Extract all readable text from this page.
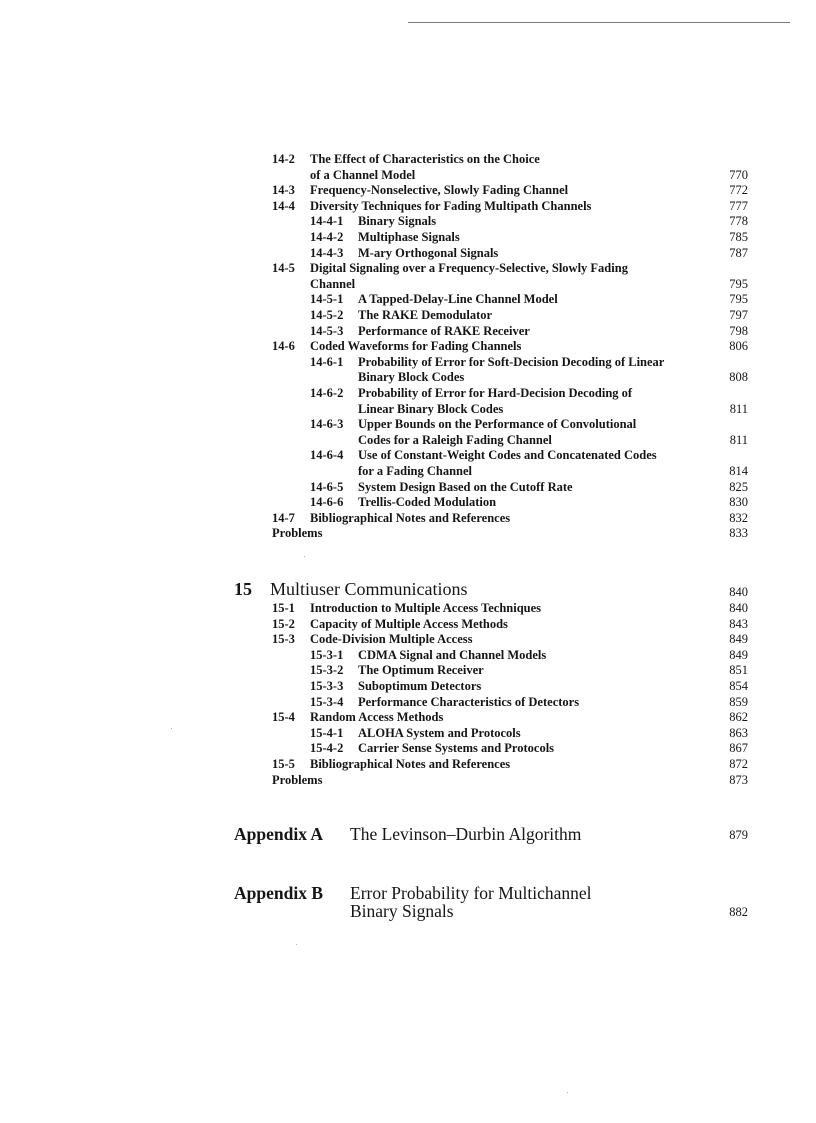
14-2 The Effect of Characteristics on the Choice
of a Channel Model	770
14-3 Frequency-Nonselective, Slowly Fading Channel	772
14-4 Diversity Techniques for Fading Multipath Channels	777
14-4-1 Binary Signals	778
14-4-2 Multiphase Signals	785
14-4-3 M-ary Orthogonal Signals	787
14-5 Digital Signaling over a Frequency-Selective, Slowly Fading
Channel	795
14-5-1 A Tapped-Delay-Line Channel Model	795
14-5-2 The RAKE Demodulator	797
14-5-3 Performance of RAKE Receiver	798
14-6 Coded Waveforms for Fading Channels	806
14-6-1 Probability of Error for Soft-Decision Decoding of Linear
Binary Block Codes	808
14-6-2 Probability of Error for Hard-Decision Decoding of
Linear Binary Block Codes	811
14-6-3 Upper Bounds on the Performance of Convolutional
Codes for a Raleigh Fading Channel	811
14-6-4 Use of Constant-Weight Codes and Concatenated Codes
for a Fading Channel	814
14-6-5 System Design Based on the Cutoff Rate	825
14-6-6 Trellis-Coded Modulation	830
14-7 Bibliographical Notes and References	832
Problems	833
15 Multiuser Communications	840
15-1 Introduction to Multiple Access Techniques	840
15-2 Capacity of Multiple Access Methods	843
15-3 Code-Division Multiple Access	849
15-3-1 CDMA Signal and Channel Models	849
15-3-2 The Optimum Receiver	851
15-3-3 Suboptimum Detectors	854
15-3-4 Performance Characteristics of Detectors	859
15-4 Random Access Methods	862
15-4-1 ALOHA System and Protocols	863
15-4-2 Carrier Sense Systems and Protocols	867
15-5 Bibliographical Notes and References	872
Problems	873
Appendix A The Levinson–Durbin Algorithm	879
Appendix B Error Probability for Multichannel
Binary Signals	882
